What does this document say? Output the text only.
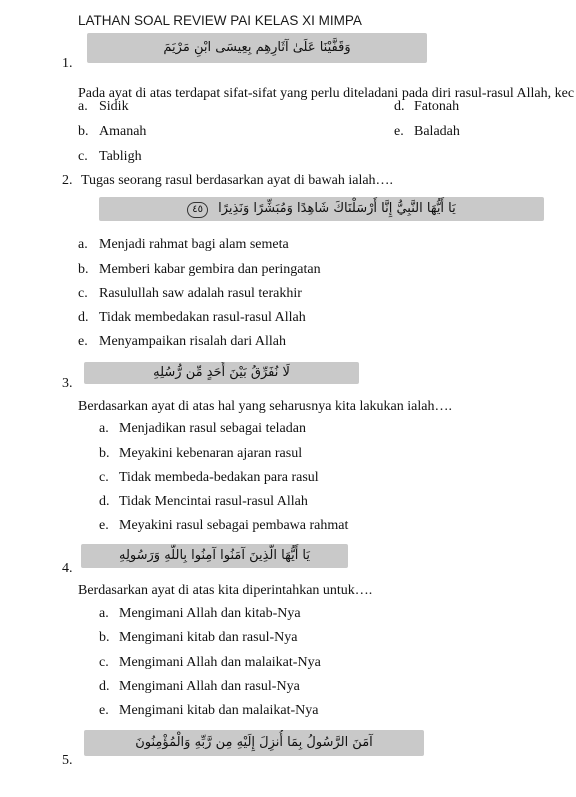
LATHAN SOAL REVIEW PAI KELAS XI MIMPA
وَقَفَّيْنَا عَلَىٰ آثَارِهِم بِعِيسَى ابْنِ مَرْيَمَ
1.
Pada ayat di atas terdapat sifat-sifat yang perlu diteladani pada diri rasul-rasul Allah, kec
a. Sidik	d. Fatonah
b. Amanah	e. Baladah
c. Tabligh
2. Tugas seorang rasul berdasarkan ayat di bawah ialah….
يَا أَيُّهَا النَّبِيُّ إِنَّا أَرْسَلْنَاكَ شَاهِدًا وَمُبَشِّرًا وَنَذِيرًا ٤٥
a. Menjadi rahmat bagi alam semeta
b. Memberi kabar gembira dan peringatan
c. Rasulullah saw adalah rasul terakhir
d. Tidak membedakan rasul-rasul Allah
e. Menyampaikan risalah dari Allah
لَا نُفَرِّقُ بَيْنَ أَحَدٍ مِّن رُّسُلِهِ
3.
Berdasarkan ayat di atas hal yang seharusnya kita lakukan ialah….
a. Menjadikan rasul sebagai teladan
b. Meyakini kebenaran ajaran rasul
c. Tidak membeda-bedakan para rasul
d. Tidak Mencintai rasul-rasul Allah
e. Meyakini rasul sebagai pembawa rahmat
يَا أَيُّهَا الَّذِينَ آمَنُوا آمِنُوا بِاللَّهِ وَرَسُولِهِ
4.
Berdasarkan ayat di atas kita diperintahkan untuk….
a. Mengimani Allah dan kitab-Nya
b. Mengimani kitab dan rasul-Nya
c. Mengimani Allah dan malaikat-Nya
d. Mengimani Allah dan rasul-Nya
e. Mengimani kitab dan malaikat-Nya
آمَنَ الرَّسُولُ بِمَا أُنزِلَ إِلَيْهِ مِن رَّبِّهِ وَالْمُؤْمِنُونَ
5.
